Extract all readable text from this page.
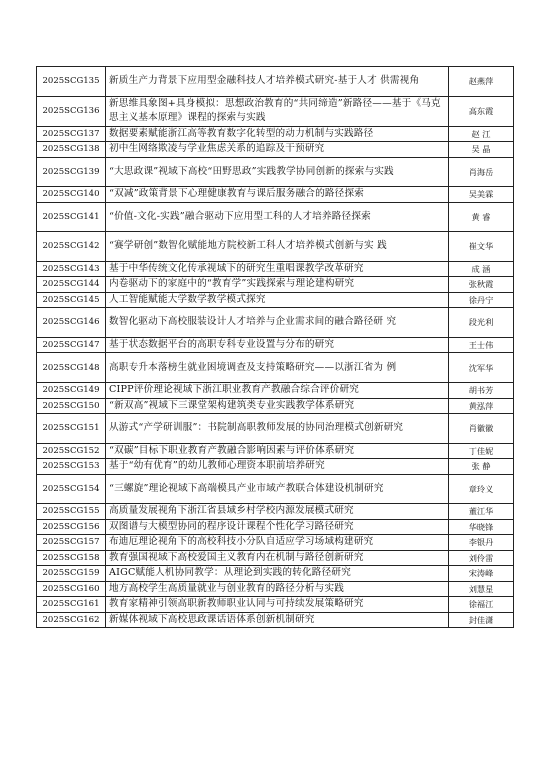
2025SCG135	新质生产力背景下应用型金融科技人才培养模式研究-基于人才 供需视角	赵燕萍
2025SCG136	新思维具象图+具身模拟：思想政治教育的“共同缔造”新路径——基于《马克思主义基本原理》课程的探索与实践	高东霞
2025SCG137	数据要素赋能浙江高等教育数字化转型的动力机制与实践路径	赵 江
2025SCG138	初中生网络欺凌与学业焦虑关系的追踪及干预研究	吴 晶
2025SCG139	“大思政课”视域下高校“田野思政”实践教学协同创新的探索与实践	肖海岳
2025SCG140	“双减”政策背景下心理健康教育与课后服务融合的路径探索	吴美霖
2025SCG141	“价值-文化-实践”融合驱动下应用型工科的人才培养路径探索	黄 睿
2025SCG142	“赛学研创”数智化赋能地方院校新工科人才培养模式创新与实 践	崔文华
2025SCG143	基于中华传统文化传承视域下的研究生重唱课教学改革研究	成 涵
2025SCG144	内卷驱动下的家庭中的“教育学”实践探索与理论建构研究	张秋霞
2025SCG145	人工智能赋能大学数学教学模式探究	徐丹宁
2025SCG146	数智化驱动下高校服装设计人才培养与企业需求间的融合路径研 究	段光利
2025SCG147	基于状态数据平台的高职专科专业设置与分布的研究	王士伟
2025SCG148	高职专升本落榜生就业困境调查及支持策略研究——以浙江省为 例	沈军华
2025SCG149	CIPP评价理论视域下浙江职业教育产教融合综合评价研究	胡书芳
2025SCG150	“新双高”视域下三课堂架构建筑类专业实践教学体系研究	黄泓萍
2025SCG151	从游式“产学研训服”：书院制高职教师发展的协同治理模式创新研究	肖徽徽
2025SCG152	“双碳”目标下职业教育产教融合影响因素与评价体系研究	丁佳妮
2025SCG153	基于“幼有优育”的幼儿教师心理资本职前培养研究	张 静
2025SCG154	“三螺旋”理论视域下高端模具产业市域产教联合体建设机制研究	章玲义
2025SCG155	高质量发展视角下浙江省县域乡村学校内源发展模式研究	董江华
2025SCG156	双图谱与大模型协同的程序设计课程个性化学习路径研究	华晓锋
2025SCG157	布迪厄理论视角下的高校科技小分队自适应学习场域构建研究	李银丹
2025SCG158	教育强国视域下高校爱国主义教育内在机制与路径创新研究	刘伶雷
2025SCG159	AIGC赋能人机协同教学：从理论到实践的转化路径研究	宋涛峰
2025SCG160	地方高校学生高质量就业与创业教育的路径分析与实践	刘慧星
2025SCG161	教育家精神引领高职新教师职业认同与可持续发展策略研究	徐福江
2025SCG162	新媒体视域下高校思政课话语体系创新机制研究	封佳潇
